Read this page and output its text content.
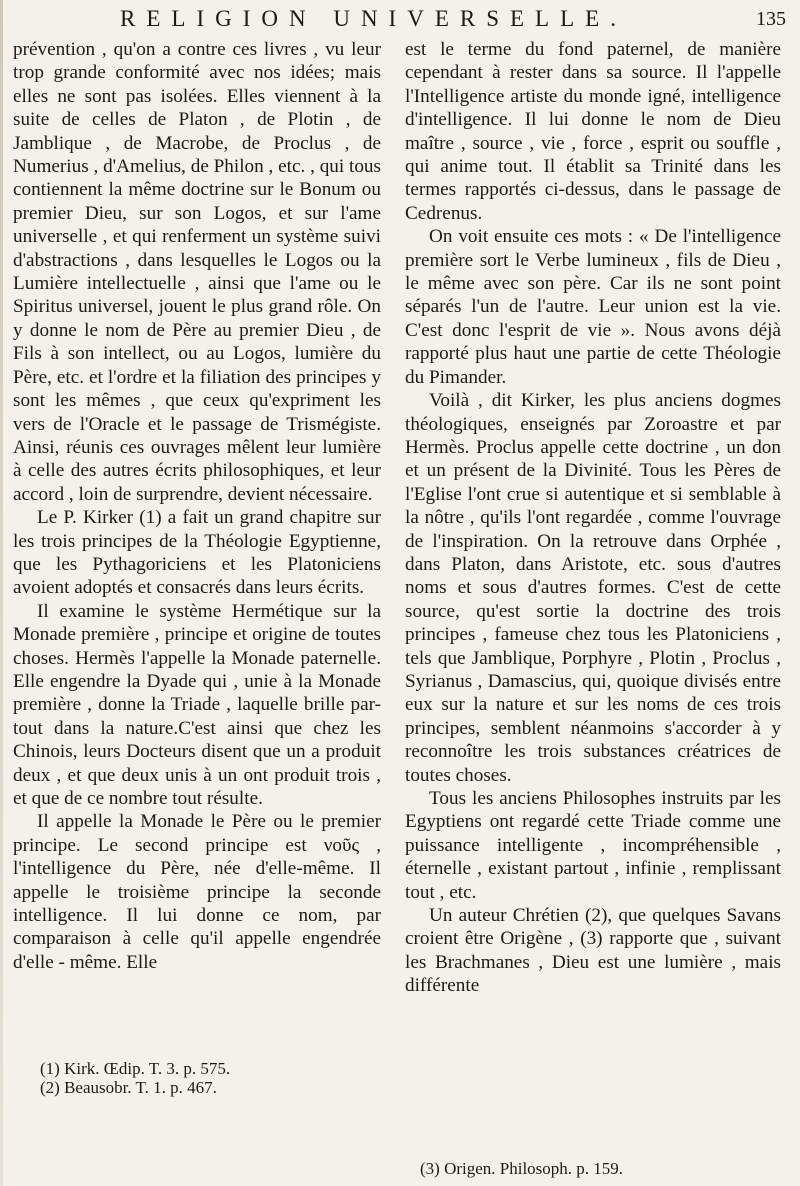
RELIGION UNIVERSELLE.	135

prévention , qu'on a contre ces livres , vu leur trop grande conformité avec nos idées; mais elles ne sont pas isolées. Elles viennent à la suite de celles de Platon , de Plotin , de Jamblique , de Macrobe, de Proclus , de Numerius , d'Amelius, de Philon , etc. , qui tous contiennent la même doctrine sur le Bonum ou premier Dieu, sur son Logos, et sur l'ame universelle , et qui renferment un système suivi d'abstractions , dans lesquelles le Logos ou la Lumière intellectuelle , ainsi que l'ame ou le Spiritus universel, jouent le plus grand rôle. On y donne le nom de Père au premier Dieu , de Fils à son intellect, ou au Logos, lumière du Père, etc. et l'ordre et la filiation des principes y sont les mêmes , que ceux qu'expriment les vers de l'Oracle et le passage de Trismégiste. Ainsi, réunis ces ouvrages mêlent leur lumière à celle des autres écrits philosophiques, et leur accord , loin de surprendre, devient nécessaire.

Le P. Kirker (1) a fait un grand chapitre sur les trois principes de la Théologie Egyptienne, que les Pythagoriciens et les Platoniciens avoient adoptés et consacrés dans leurs écrits.

Il examine le système Hermétique sur la Monade première , principe et origine de toutes choses. Hermès l'appelle la Monade paternelle. Elle engendre la Dyade qui , unie à la Monade première , donne la Triade , laquelle brille par-tout dans la nature.C'est ainsi que chez les Chinois, leurs Docteurs disent que un a produit deux , et que deux unis à un ont produit trois , et que de ce nombre tout résulte.

Il appelle la Monade le Père ou le premier principe. Le second principe est νοῦς , l'intelligence du Père, née d'elle-même. Il appelle le troisième principe la seconde intelligence. Il lui donne ce nom, par comparaison à celle qu'il appelle engendrée d'elle - même. Elle

(1) Kirk. Œdip. T. 3. p. 575.
(2) Beausobr. T. 1. p. 467.

est le terme du fond paternel, de manière cependant à rester dans sa source. Il l'appelle l'Intelligence artiste du monde igné, intelligence d'intelligence. Il lui donne le nom de Dieu maître , source , vie , force , esprit ou souffle , qui anime tout. Il établit sa Trinité dans les termes rapportés ci-dessus, dans le passage de Cedrenus.

On voit ensuite ces mots : « De l'intelligence première sort le Verbe lumineux , fils de Dieu , le même avec son père. Car ils ne sont point séparés l'un de l'autre. Leur union est la vie. C'est donc l'esprit de vie ». Nous avons déjà rapporté plus haut une partie de cette Théologie du Pimander.

Voilà , dit Kirker, les plus anciens dogmes théologiques, enseignés par Zoroastre et par Hermès. Proclus appelle cette doctrine , un don et un présent de la Divinité. Tous les Pères de l'Eglise l'ont crue si autentique et si semblable à la nôtre , qu'ils l'ont regardée , comme l'ouvrage de l'inspiration. On la retrouve dans Orphée , dans Platon, dans Aristote, etc. sous d'autres noms et sous d'autres formes. C'est de cette source, qu'est sortie la doctrine des trois principes , fameuse chez tous les Platoniciens , tels que Jamblique, Porphyre , Plotin , Proclus , Syrianus , Damascius, qui, quoique divisés entre eux sur la nature et sur les noms de ces trois principes, semblent néanmoins s'accorder à y reconnoître les trois substances créatrices de toutes choses.

Tous les anciens Philosophes instruits par les Egyptiens ont regardé cette Triade comme une puissance intelligente , incompréhensible , éternelle , existant partout , infinie , remplissant tout , etc.

Un auteur Chrétien (2), que quelques Savans croient être Origène , (3) rapporte que , suivant les Brachmanes , Dieu est une lumière , mais différente

(3) Origen. Philosoph. p. 159.
